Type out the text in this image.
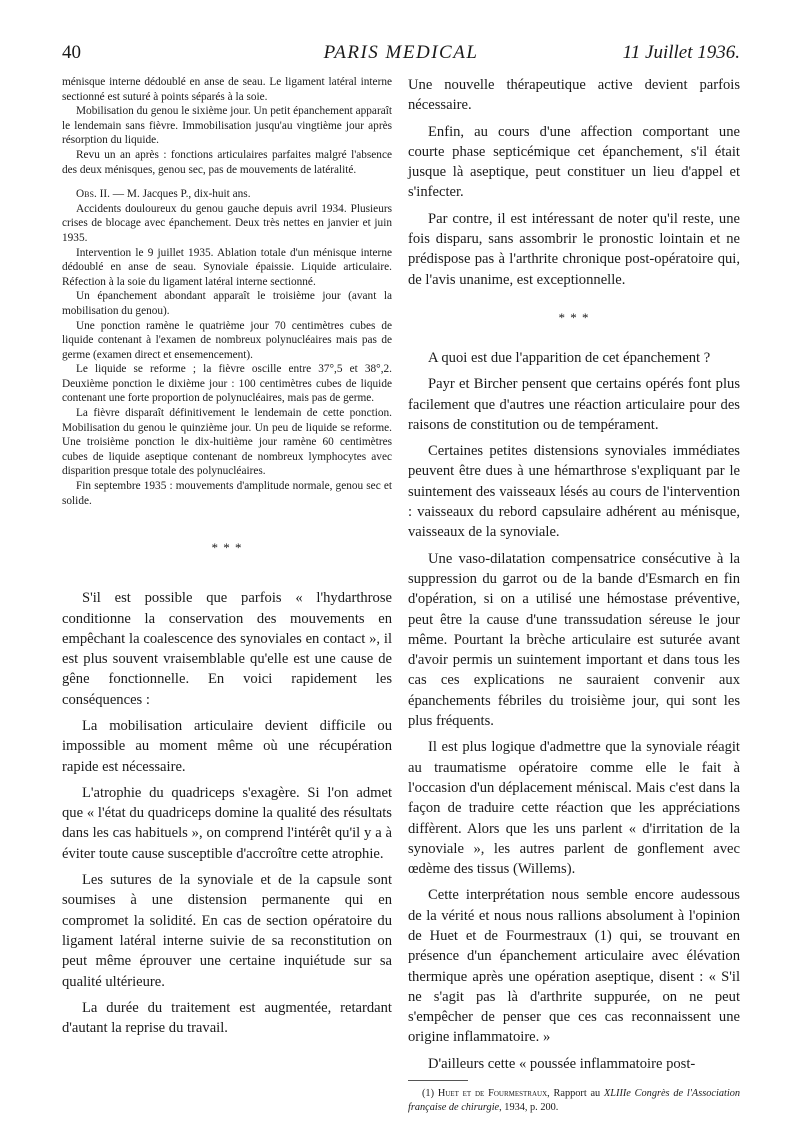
40	PARIS MEDICAL	11 Juillet 1936.

ménisque interne dédoublé en anse de seau. Le ligament latéral interne sectionné est suturé à points séparés à la soie.

Mobilisation du genou le sixième jour. Un petit épanchement apparaît le lendemain sans fièvre. Immobilisation jusqu'au vingtième jour après résorption du liquide.

Revu un an après : fonctions articulaires parfaites malgré l'absence des deux ménisques, genou sec, pas de mouvements de latéralité.

Obs. II. — M. Jacques P., dix-huit ans.

Accidents douloureux du genou gauche depuis avril 1934. Plusieurs crises de blocage avec épanchement. Deux très nettes en janvier et juin 1935.

Intervention le 9 juillet 1935. Ablation totale d'un ménisque interne dédoublé en anse de seau. Synoviale épaissie. Liquide articulaire. Réfection à la soie du ligament latéral interne sectionné.

Un épanchement abondant apparaît le troisième jour (avant la mobilisation du genou).

Une ponction ramène le quatrième jour 70 centimètres cubes de liquide contenant à l'examen de nombreux polynucléaires mais pas de germe (examen direct et ensemencement).

Le liquide se reforme ; la fièvre oscille entre 37°,5 et 38°,2. Deuxième ponction le dixième jour : 100 centimètres cubes de liquide contenant une forte proportion de polynucléaires, mais pas de germe.

La fièvre disparaît définitivement le lendemain de cette ponction. Mobilisation du genou le quinzième jour. Un peu de liquide se reforme. Une troisième ponction le dix-huitième jour ramène 60 centimètres cubes de liquide aseptique contenant de nombreux lymphocytes avec disparition presque totale des polynucléaires.

Fin septembre 1935 : mouvements d'amplitude normale, genou sec et solide.

* * *

S'il est possible que parfois « l'hydarthrose conditionne la conservation des mouvements en empêchant la coalescence des synoviales en contact », il est plus souvent vraisemblable qu'elle est une cause de gêne fonctionnelle. En voici rapidement les conséquences :

La mobilisation articulaire devient difficile ou impossible au moment même où une récupération rapide est nécessaire.

L'atrophie du quadriceps s'exagère. Si l'on admet que « l'état du quadriceps domine la qualité des résultats dans les cas habituels », on comprend l'intérêt qu'il y a à éviter toute cause susceptible d'accroître cette atrophie.

Les sutures de la synoviale et de la capsule sont soumises à une distension permanente qui en compromet la solidité. En cas de section opératoire du ligament latéral interne suivie de sa reconstitution on peut même éprouver une certaine inquiétude sur sa qualité ultérieure.

La durée du traitement est augmentée, retardant d'autant la reprise du travail.

Une nouvelle thérapeutique active devient parfois nécessaire.

Enfin, au cours d'une affection comportant une courte phase septicémique cet épanchement, s'il était jusque là aseptique, peut constituer un lieu d'appel et s'infecter.

Par contre, il est intéressant de noter qu'il reste, une fois disparu, sans assombrir le pronostic lointain et ne prédispose pas à l'arthrite chronique post-opératoire qui, de l'avis unanime, est exceptionnelle.

* * *

A quoi est due l'apparition de cet épanchement ?

Payr et Bircher pensent que certains opérés font plus facilement que d'autres une réaction articulaire pour des raisons de constitution ou de tempérament.

Certaines petites distensions synoviales immédiates peuvent être dues à une hémarthrose s'expliquant par le suintement des vaisseaux lésés au cours de l'intervention : vaisseaux du rebord capsulaire adhérent au ménisque, vaisseaux de la synoviale.

Une vaso-dilatation compensatrice consécutive à la suppression du garrot ou de la bande d'Esmarch en fin d'opération, si on a utilisé une hémostase préventive, peut être la cause d'une transsudation séreuse le jour même. Pourtant la brèche articulaire est suturée avant d'avoir permis un suintement important et dans tous les cas ces explications ne sauraient convenir aux épanchements fébriles du troisième jour, qui sont les plus fréquents.

Il est plus logique d'admettre que la synoviale réagit au traumatisme opératoire comme elle le fait à l'occasion d'un déplacement méniscal. Mais c'est dans la façon de traduire cette réaction que les appréciations diffèrent. Alors que les uns parlent « d'irritation de la synoviale », les autres parlent de gonflement avec œdème des tissus (Willems).

Cette interprétation nous semble encore audessous de la vérité et nous nous rallions absolument à l'opinion de Huet et de Fourmestraux (1) qui, se trouvant en présence d'un épanchement articulaire avec élévation thermique après une opération aseptique, disent : « S'il ne s'agit pas là d'arthrite suppurée, on ne peut s'empêcher de penser que ces cas reconnaissent une origine inflammatoire. »

D'ailleurs cette « poussée inflammatoire post-

(1) Huet et de Fourmestraux, Rapport au XLIIIe Congrès de l'Association française de chirurgie, 1934, p. 200.
